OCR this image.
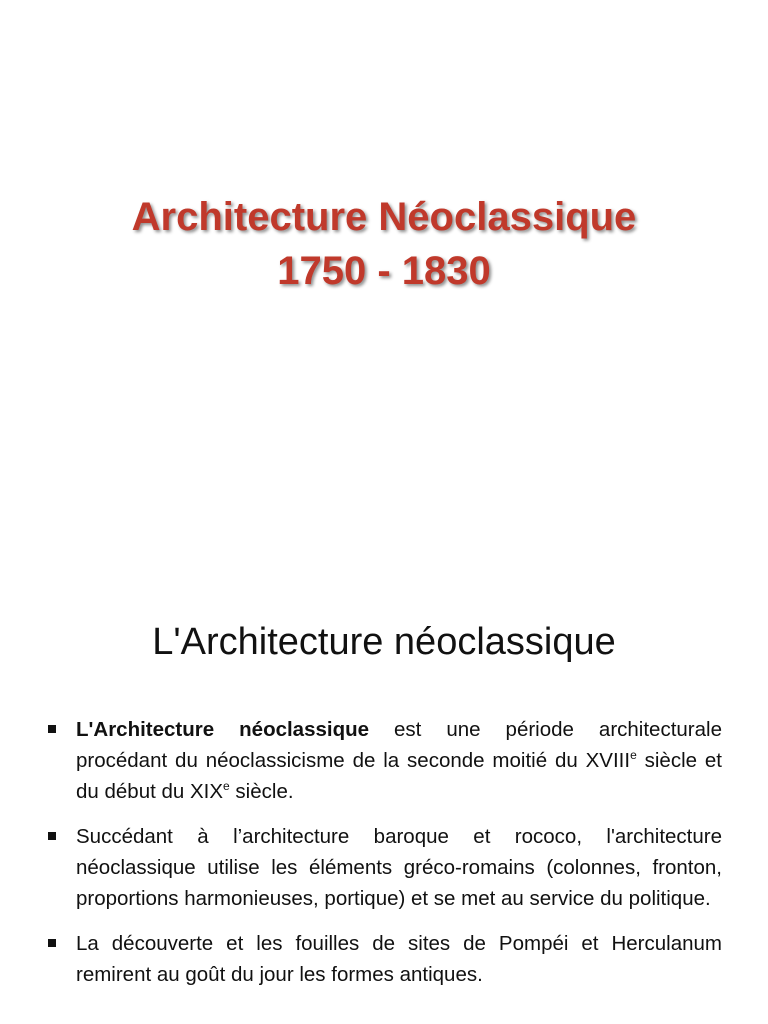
Architecture Néoclassique
1750 - 1830
L'Architecture néoclassique
L'Architecture néoclassique est une période architecturale procédant du néoclassicisme de la seconde moitié du XVIIIe siècle et du début du XIXe siècle.
Succédant à l’architecture baroque et rococo, l'architecture néoclassique utilise les éléments gréco-romains (colonnes, fronton, proportions harmonieuses, portique) et se met au service du politique.
La découverte et les fouilles de sites de Pompéi et Herculanum remirent au goût du jour les formes antiques.
